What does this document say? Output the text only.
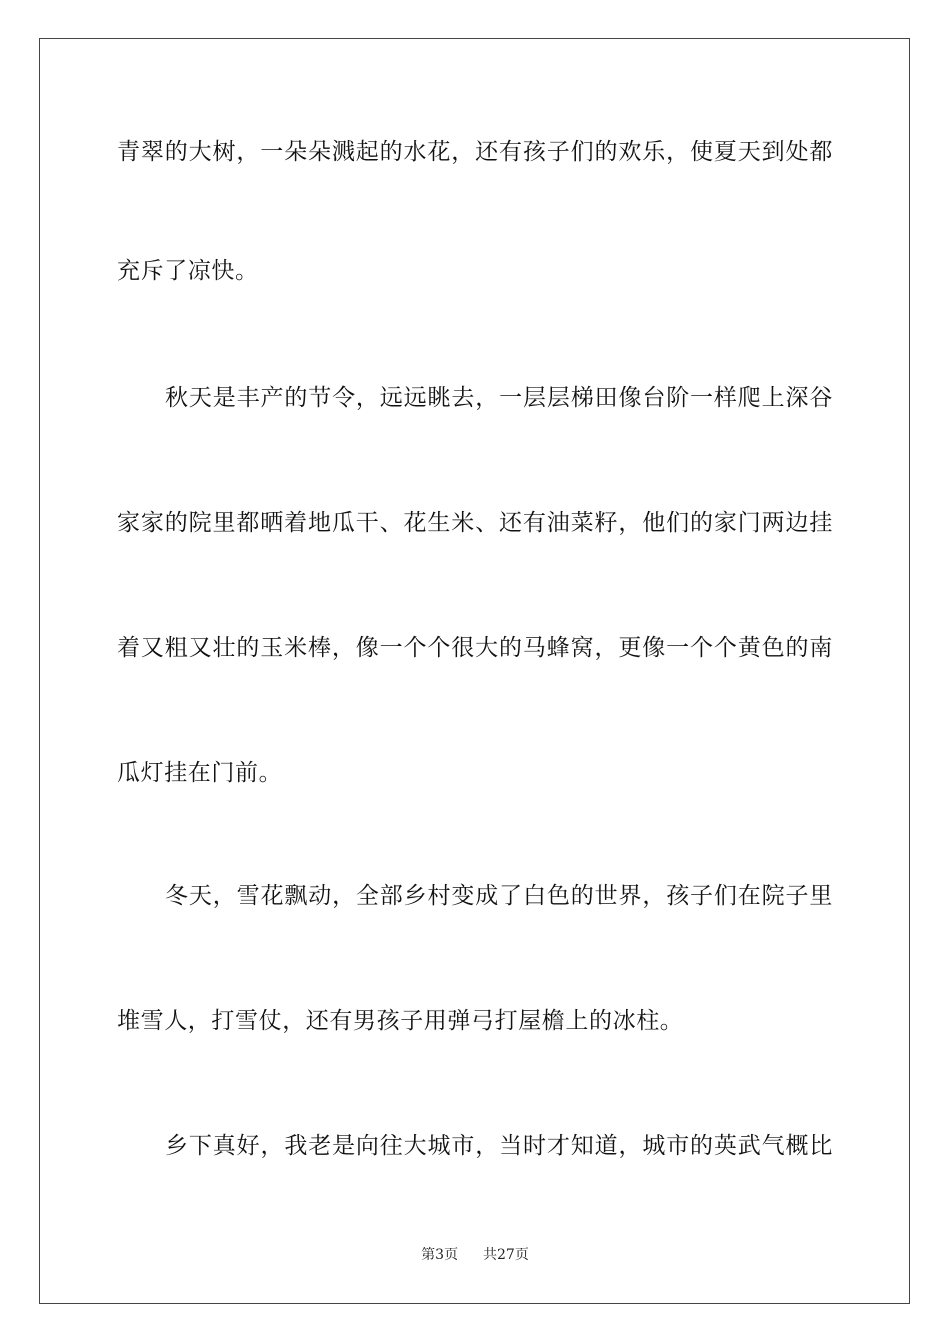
青翠的大树，一朵朵溅起的水花，还有孩子们的欢乐，使夏天到处都
充斥了凉快。
秋天是丰产的节令，远远眺去，一层层梯田像台阶一样爬上深谷
家家的院里都晒着地瓜干、花生米、还有油菜籽，他们的家门两边挂
着又粗又壮的玉米棒，像一个个很大的马蜂窝，更像一个个黄色的南
瓜灯挂在门前。
冬天，雪花飘动，全部乡村变成了白色的世界，孩子们在院子里
堆雪人，打雪仗，还有男孩子用弹弓打屋檐上的冰柱。
乡下真好，我老是向往大城市，当时才知道，城市的英武气概比
第3页 共27页
